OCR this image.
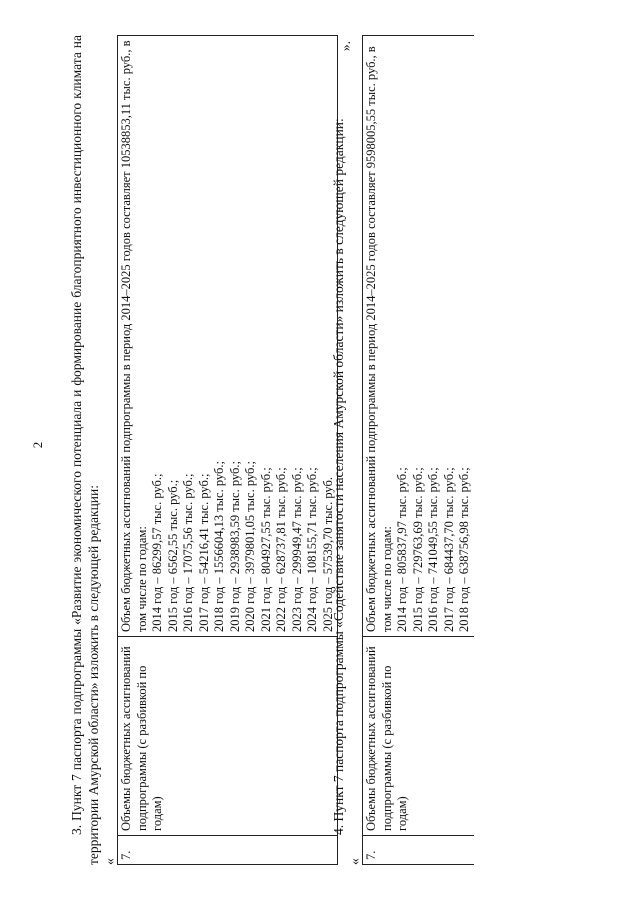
2 3. Пункт 7 паспорта подпрограммы «Развитие экономического потенциала и формирование благоприятного инвестиционного климата на территории Амурской области» изложить в следующей редакции: «

7.	Объемы бюджетных ассигнований подпрограммы (с разбивкой по годам)	Объем бюджетных ассигнований подпрограммы в период 2014–2025 годов составляет 10538853,11 тыс. руб., в том числе по годам: 2014 год – 86299,57 тыс. руб.; 2015 год – 6562,55 тыс. руб.; 2016 год – 17075,56 тыс. руб.; 2017 год – 54216,41 тыс. руб.; 2018 год – 1556604,13 тыс. руб.; 2019 год – 2938983,59 тыс. руб.; 2020 год – 3979801,05 тыс. руб.; 2021 год – 804927,55 тыс. руб.; 2022 год – 628737,81 тыс. руб.; 2023 год – 299949,47 тыс. руб.; 2024 год – 108155,71 тыс. руб.; 2025 год – 57539,70 тыс. руб.

».

4. Пункт 7 паспорта подпрограммы «Содействие занятости населения Амурской области» изложить в следующей редакции:

«

7.	Объемы бюджетных ассигнований подпрограммы (с разбивкой по годам)	Объем бюджетных ассигнований подпрограммы в период 2014–2025 годов составляет 9598005,55 тыс. руб., в том числе по годам: 2014 год – 805837,97 тыс. руб.; 2015 год – 729763,69 тыс. руб.; 2016 год – 741049,55 тыс. руб.; 2017 год – 684437,70 тыс. руб.; 2018 год – 638756,98 тыс. руб.;
